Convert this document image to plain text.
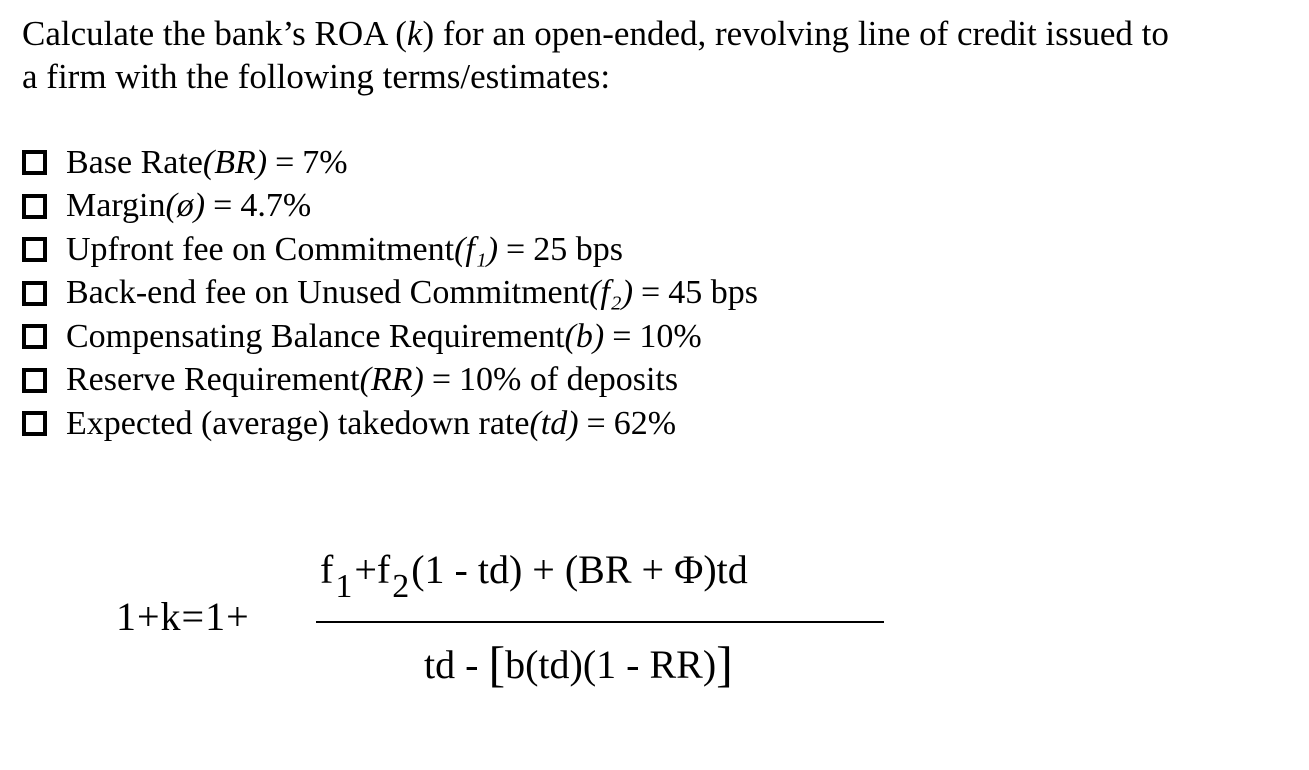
Calculate the bank’s ROA (k) for an open-ended, revolving line of credit issued to
a firm with the following terms/estimates:
Base Rate (BR) = 7%
Margin (ø) = 4.7%
Upfront fee on Commitment (f₁) = 25 bps
Back-end fee on Unused Commitment (f₂) = 45 bps
Compensating Balance Requirement (b) = 10%
Reserve Requirement (RR) = 10% of deposits
Expected (average) takedown rate (td) = 62%
1+k=1+
$f_1+f_2(1 - td) + (BR + \Phi)td$
td - [b(td)(1 - RR)]
